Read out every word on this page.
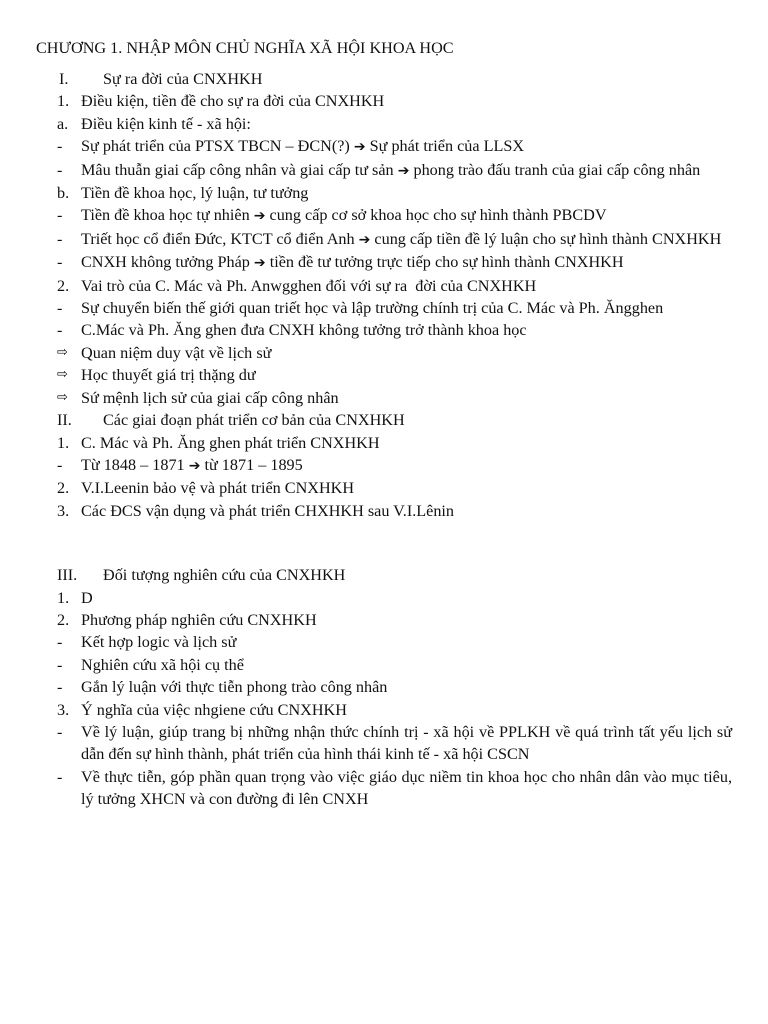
CHƯƠNG 1. NHẬP MÔN CHỦ NGHĨA XÃ HỘI KHOA HỌC
I. Sự ra đời của CNXHKH
1. Điều kiện, tiền đề cho sự ra đời của CNXHKH
a. Điều kiện kinh tế - xã hội:
- Sự phát triển của PTSX TBCN – ĐCN(?) ➔ Sự phát triển của LLSX
- Mâu thuẫn giai cấp công nhân và giai cấp tư sản ➔ phong trào đấu tranh của giai cấp công nhân
b. Tiền đề khoa học, lý luận, tư tưởng
- Tiền đề khoa học tự nhiên ➔ cung cấp cơ sở khoa học cho sự hình thành PBCDV
- Triết học cổ điển Đức, KTCT cổ điển Anh ➔ cung cấp tiền đề lý luận cho sự hình thành CNXHKH
- CNXH không tưởng Pháp ➔ tiền đề tư tưởng trực tiếp cho sự hình thành CNXHKH
2. Vai trò của C. Mác và Ph. Anwgghen đối với sự ra  đời của CNXHKH
- Sự chuyển biến thế giới quan triết học và lập trường chính trị của C. Mác và Ph. Ăngghen
- C.Mác và Ph. Ăng ghen đưa CNXH không tưởng trở thành khoa học
⇨ Quan niệm duy vật về lịch sử
⇨ Học thuyết giá trị thặng dư
⇨ Sứ mệnh lịch sử của giai cấp công nhân
II. Các giai đoạn phát triển cơ bản của CNXHKH
1. C. Mác và Ph. Ăng ghen phát triển CNXHKH
- Từ 1848 – 1871 ➔ từ 1871 – 1895
2. V.I.Leenin bảo vệ và phát triển CNXHKH
3. Các ĐCS vận dụng và phát triển CHXHKH sau V.I.Lênin
III. Đối tượng nghiên cứu của CNXHKH
1. D
2. Phương pháp nghiên cứu CNXHKH
- Kết hợp logic và lịch sử
- Nghiên cứu xã hội cụ thể
- Gắn lý luận với thực tiễn phong trào công nhân
3. Ý nghĩa của việc nhgiene cứu CNXHKH
- Về lý luận, giúp trang bị những nhận thức chính trị - xã hội về PPLKH về quá trình tất yếu lịch sử dẫn đến sự hình thành, phát triển của hình thái kinh tế - xã hội CSCN
- Về thực tiễn, góp phần quan trọng vào việc giáo dục niềm tin khoa học cho nhân dân vào mục tiêu, lý tưởng XHCN và con đường đi lên CNXH
